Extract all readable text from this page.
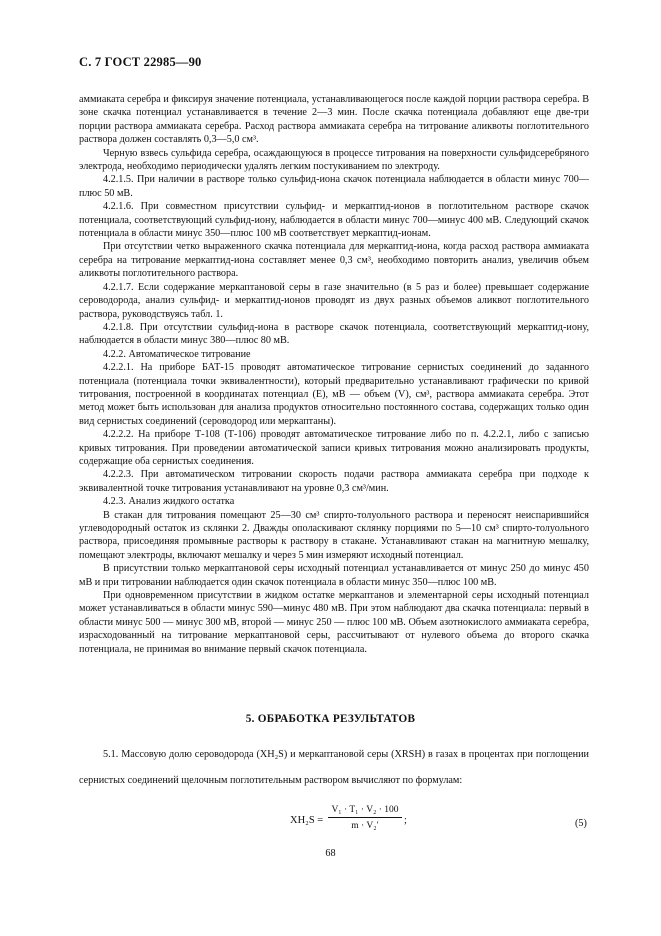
С. 7 ГОСТ 22985—90

аммиаката серебра и фиксируя значение потенциала, устанавливающегося после каждой порции раствора серебра. В зоне скачка потенциал устанавливается в течение 2—3 мин. После скачка потенциала добавляют еще две-три порции раствора аммиаката серебра. Расход раствора аммиаката серебра на титрование аликвоты поглотительного раствора должен составлять 0,3—5,0 см³.

Черную взвесь сульфида серебра, осаждающуюся в процессе титрования на поверхности сульфидсеребряного электрода, необходимо периодически удалять легким постукиванием по электроду.

4.2.1.5. При наличии в растворе только сульфид-иона скачок потенциала наблюдается в области минус 700—плюс 50 мВ.

4.2.1.6. При совместном присутствии сульфид- и меркаптид-ионов в поглотительном растворе скачок потенциала, соответствующий сульфид-иону, наблюдается в области минус 700—минус 400 мВ. Следующий скачок потенциала в области минус 350—плюс 100 мВ соответствует меркаптид-ионам.

При отсутствии четко выраженного скачка потенциала для меркаптид-иона, когда расход раствора аммиаката серебра на титрование меркаптид-иона составляет менее 0,3 см³, необходимо повторить анализ, увеличив объем аликвоты поглотительного раствора.

4.2.1.7. Если содержание меркаптановой серы в газе значительно (в 5 раз и более) превышает содержание сероводорода, анализ сульфид- и меркаптид-ионов проводят из двух разных объемов аликвот поглотительного раствора, руководствуясь табл. 1.

4.2.1.8. При отсутствии сульфид-иона в растворе скачок потенциала, соответствующий меркаптид-иону, наблюдается в области минус 380—плюс 80 мВ.

4.2.2. Автоматическое титрование

4.2.2.1. На приборе БАТ-15 проводят автоматическое титрование сернистых соединений до заданного потенциала (потенциала точки эквивалентности), который предварительно устанавливают графически по кривой титрования, построенной в координатах потенциал (E), мВ — объем (V), см³, раствора аммиаката серебра. Этот метод может быть использован для анализа продуктов относительно постоянного состава, содержащих только один вид сернистых соединений (сероводород или меркаптаны).

4.2.2.2. На приборе Т-108 (Т-106) проводят автоматическое титрование либо по п. 4.2.2.1, либо с записью кривых титрования. При проведении автоматической записи кривых титрования можно анализировать продукты, содержащие оба сернистых соединения.

4.2.2.3. При автоматическом титровании скорость подачи раствора аммиаката серебра при подходе к эквивалентной точке титрования устанавливают на уровне 0,3 см³/мин.

4.2.3. Анализ жидкого остатка

В стакан для титрования помещают 25—30 см³ спирто-толуольного раствора и переносят неиспарившийся углеводородный остаток из склянки 2. Дважды ополаскивают склянку порциями по 5—10 см³ спирто-толуольного раствора, присоединяя промывные растворы к раствору в стакане. Устанавливают стакан на магнитную мешалку, помещают электроды, включают мешалку и через 5 мин измеряют исходный потенциал.

В присутствии только меркаптановой серы исходный потенциал устанавливается от минус 250 до минус 450 мВ и при титровании наблюдается один скачок потенциала в области минус 350—плюс 100 мВ.

При одновременном присутствии в жидком остатке меркаптанов и элементарной серы исходный потенциал может устанавливаться в области минус 590—минус 480 мВ. При этом наблюдают два скачка потенциала: первый в области минус 500 — минус 300 мВ, второй — минус 250 — плюс 100 мВ. Объем азотнокислого аммиаката серебра, израсходованный на титрование меркаптановой серы, рассчитывают от нулевого объема до второго скачка потенциала, не принимая во внимание первый скачок потенциала.

5. ОБРАБОТКА РЕЗУЛЬТАТОВ

5.1. Массовую долю сероводорода (XH₂S) и меркаптановой серы (XRSH) в газах в процентах при поглощении сернистых соединений щелочным поглотительным раствором вычисляют по формулам:

$XH_2S = \frac{\text{V₁ · T₁ · V₂ · 100}}{\text{m · V₂′}}$ ;	(5)
68
